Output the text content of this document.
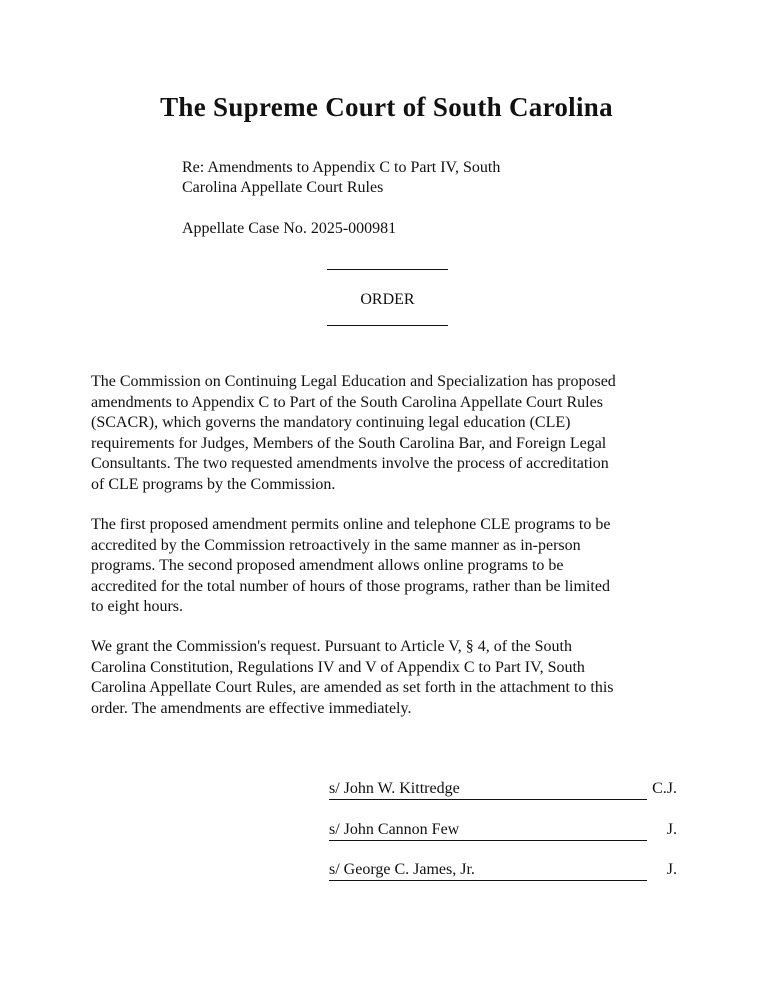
The Supreme Court of South Carolina
Re: Amendments to Appendix C to Part IV, South
Carolina Appellate Court Rules
Appellate Case No. 2025-000981
ORDER
The Commission on Continuing Legal Education and Specialization has proposed
amendments to Appendix C to Part of the South Carolina Appellate Court Rules
(SCACR), which governs the mandatory continuing legal education (CLE)
requirements for Judges, Members of the South Carolina Bar, and Foreign Legal
Consultants. The two requested amendments involve the process of accreditation
of CLE programs by the Commission.
The first proposed amendment permits online and telephone CLE programs to be
accredited by the Commission retroactively in the same manner as in-person
programs. The second proposed amendment allows online programs to be
accredited for the total number of hours of those programs, rather than be limited
to eight hours.
We grant the Commission's request. Pursuant to Article V, § 4, of the South
Carolina Constitution, Regulations IV and V of Appendix C to Part IV, South
Carolina Appellate Court Rules, are amended as set forth in the attachment to this
order. The amendments are effective immediately.
s/ John W. Kittredge	C.J.
s/ John Cannon Few	J.
s/ George C. James, Jr.	J.
